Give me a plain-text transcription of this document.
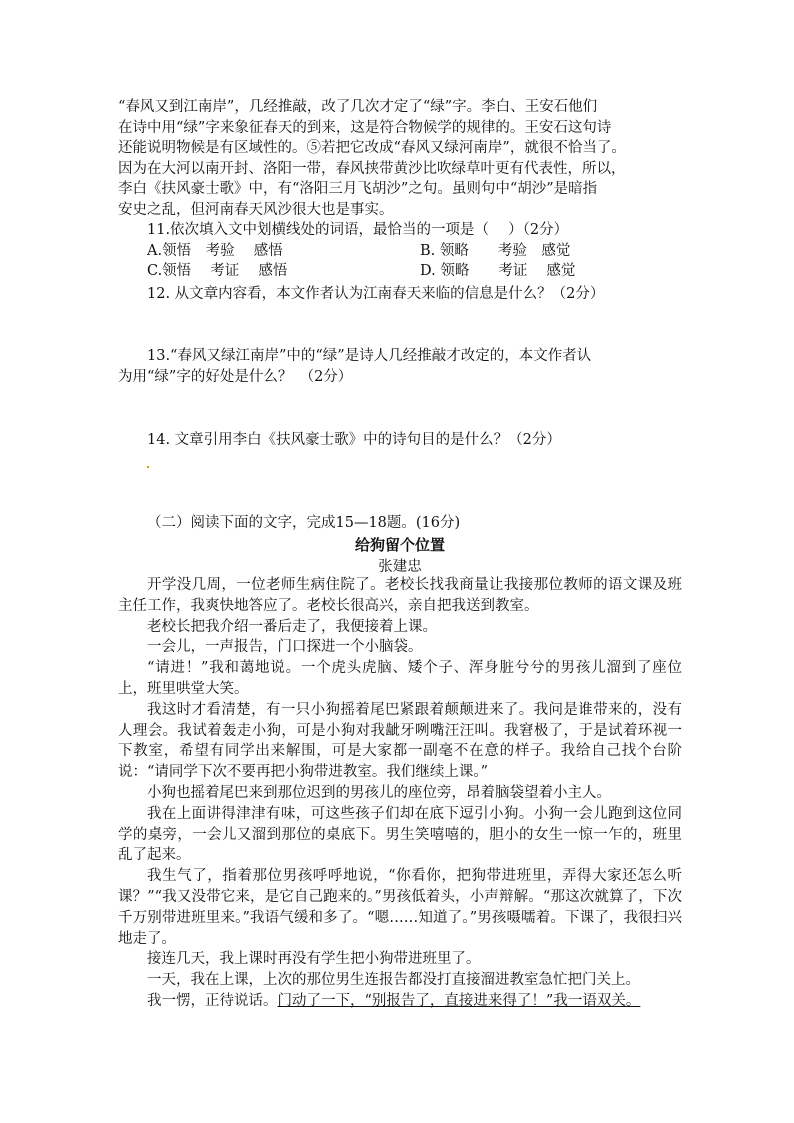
“春风又到江南岸”，几经推敲，改了几次才定了“绿”字。李白、王安石他们

在诗中用“绿”字来象征春天的到来，这是符合物候学的规律的。王安石这句诗

还能说明物候是有区域性的。⑤若把它改成“春风又绿河南岸”，就很不恰当了。

因为在大河以南开封、洛阳一带，春风挟带黄沙比吹绿草叶更有代表性，所以，

李白《扶风豪士歌》中，有“洛阳三月飞胡沙”之句。虽则句中“胡沙”是暗指

安史之乱，但河南春天风沙很大也是事实。

11.依次填入文中划横线处的词语，最恰当的一项是（　 ）（2分）

A.领悟　考验　 感悟	B. 领略　　考验　感觉
C.领悟　 考证　 感悟	D. 领略　　考证　 感觉

12. 从文章内容看，本文作者认为江南春天来临的信息是什么？（2分）

13.“春风又绿江南岸”中的“绿”是诗人几经推敲才改定的，本文作者认

为用“绿”字的好处是什么？　（2分）

14. 文章引用李白《扶风豪士歌》中的诗句目的是什么？（2分）

（二）阅读下面的文字，完成15—18题。(16分)

给狗留个位置
张建忠

开学没几周，一位老师生病住院了。老校长找我商量让我接那位教师的语文课及班主任工作，我爽快地答应了。老校长很高兴，亲自把我送到教室。

老校长把我介绍一番后走了，我便接着上课。

一会儿，一声报告，门口探进一个小脑袋。

“请进！”我和蔼地说。一个虎头虎脑、矮个子、浑身脏兮兮的男孩儿溜到了座位上，班里哄堂大笑。

我这时才看清楚，有一只小狗摇着尾巴紧跟着颠颠进来了。我问是谁带来的，没有人理会。我试着轰走小狗，可是小狗对我龇牙咧嘴汪汪叫。我窘极了，于是试着环视一下教室，希望有同学出来解围，可是大家都一副毫不在意的样子。我给自己找个台阶说：“请同学下次不要再把小狗带进教室。我们继续上课。”

小狗也摇着尾巴来到那位迟到的男孩儿的座位旁，昂着脑袋望着小主人。

我在上面讲得津津有味，可这些孩子们却在底下逗引小狗。小狗一会儿跑到这位同学的桌旁，一会儿又溜到那位的桌底下。男生笑嘻嘻的，胆小的女生一惊一乍的，班里乱了起来。

我生气了，指着那位男孩呼呼地说，“你看你，把狗带进班里，弄得大家还怎么听课？”“我又没带它来，是它自己跑来的。”男孩低着头，小声辩解。“那这次就算了，下次千万别带进班里来。”我语气缓和多了。“嗯……知道了。”男孩嗫嚅着。下课了，我很扫兴地走了。

接连几天，我上课时再没有学生把小狗带进班里了。

一天，我在上课，上次的那位男生连报告都没打直接溜进教室急忙把门关上。

我一愣，正待说话。门动了一下，“别报告了，直接进来得了！”我一语双关。
